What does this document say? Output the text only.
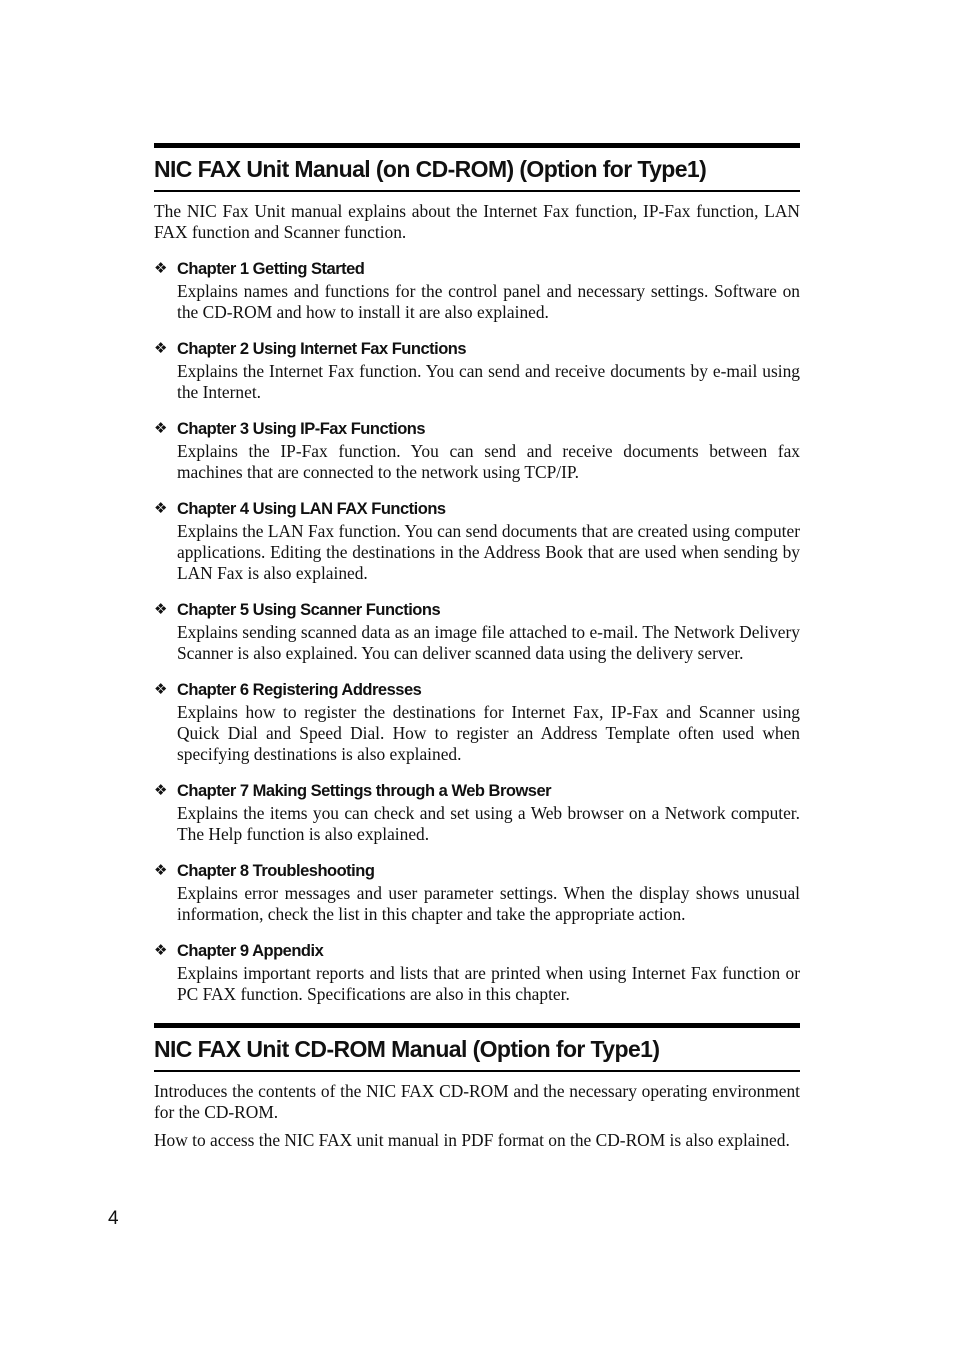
NIC FAX Unit Manual (on CD-ROM) (Option for Type1)

The NIC Fax Unit manual explains about the Internet Fax function, IP-Fax function, LAN FAX function and Scanner function.

❖ Chapter 1 Getting Started
Explains names and functions for the control panel and necessary settings. Software on the CD-ROM and how to install it are also explained.
❖ Chapter 2 Using Internet Fax Functions
Explains the Internet Fax function. You can send and receive documents by e-mail using the Internet.
❖ Chapter 3 Using IP-Fax Functions
Explains the IP-Fax function. You can send and receive documents between fax machines that are connected to the network using TCP/IP.
❖ Chapter 4 Using LAN FAX Functions
Explains the LAN Fax function. You can send documents that are created using computer applications. Editing the destinations in the Address Book that are used when sending by LAN Fax is also explained.
❖ Chapter 5 Using Scanner Functions
Explains sending scanned data as an image file attached to e-mail. The Network Delivery Scanner is also explained. You can deliver scanned data using the delivery server.
❖ Chapter 6 Registering Addresses
Explains how to register the destinations for Internet Fax, IP-Fax and Scanner using Quick Dial and Speed Dial. How to register an Address Template often used when specifying destinations is also explained.
❖ Chapter 7 Making Settings through a Web Browser
Explains the items you can check and set using a Web browser on a Network computer. The Help function is also explained.
❖ Chapter 8 Troubleshooting
Explains error messages and user parameter settings. When the display shows unusual information, check the list in this chapter and take the appropriate action.
❖ Chapter 9 Appendix
Explains important reports and lists that are printed when using Internet Fax function or PC FAX function. Specifications are also in this chapter.
NIC FAX Unit CD-ROM Manual (Option for Type1)

Introduces the contents of the NIC FAX CD-ROM and the necessary operating environment for the CD-ROM.

How to access the NIC FAX unit manual in PDF format on the CD-ROM is also explained.

4
